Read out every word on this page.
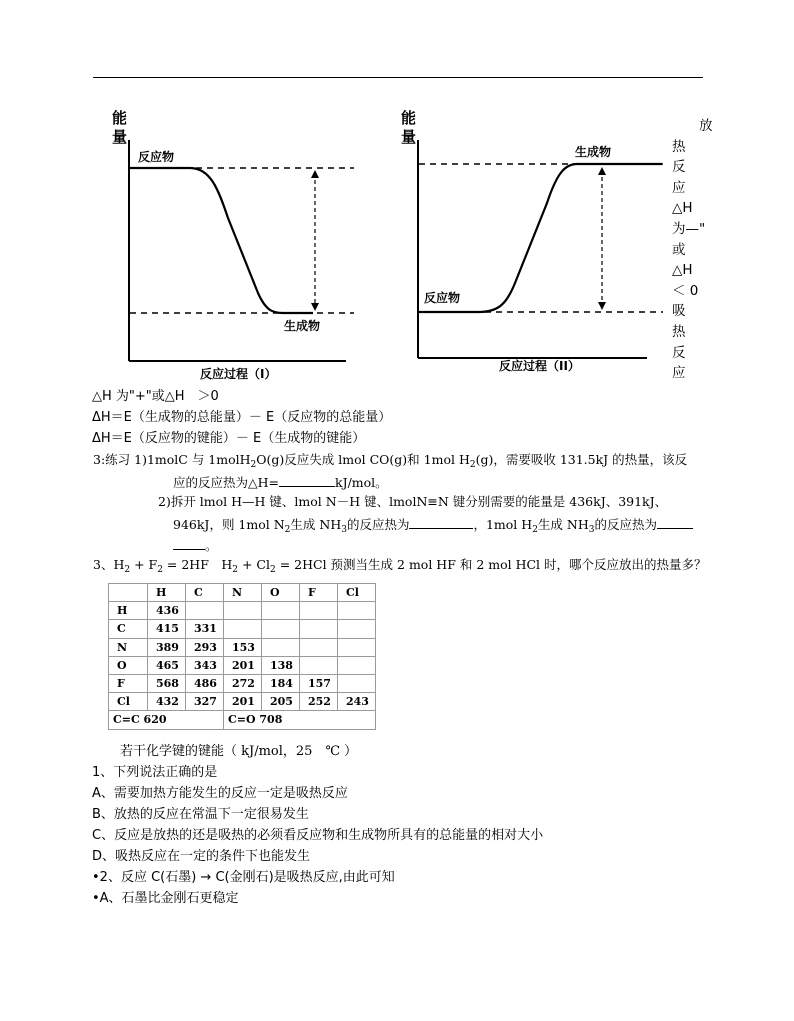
能
量
反应物
生成物
反应过程（I）
能
量
生成物
反应物
反应过程（II）
放
热
反
应
△H
为—"
或
△H
＜ 0
吸
热
反
应
△H 为"+"或△H　＞0
ΔH＝E（生成物的总能量）－ E（反应物的总能量）
ΔH＝E（反应物的键能）－ E（生成物的键能）
3:练习 1)1molC 与 1molH$_2$O(g)反应失成 lmol CO(g)和 1mol $H_2(g)$，需要吸收 131.5kJ 的热量，该反
应的反应热为△H=	kJ/mol。
2)拆开 lmol H—H 键、lmol N－H 键、lmolN≡N 键分别需要的能量是 436kJ、391kJ、
946kJ，则 1mol $N_2$生成 $NH_3$的反应热为	，1mol $H_2$生成 $NH_3$的反应热为
。
3、$H_2 + F_2 = 2HF$　$H_2 + Cl_2 = 2HCl$ 预测当生成 2 mol HF 和 2 mol HCl 时，哪个反应放出的热量多？
	H	C	N	O	F	Cl
H	436					
C	415	331				
N	389	293	153			
O	465	343	201	138		
F	568	486	272	184	157	
Cl	432	327	201	205	252	243
C=C 620			C=O 708			
若干化学键的键能（ kJ/mol，25　℃ ）
1、下列说法正确的是
A、需要加热方能发生的反应一定是吸热反应
B、放热的反应在常温下一定很易发生
C、反应是放热的还是吸热的必须看反应物和生成物所具有的总能量的相对大小
D、吸热反应在一定的条件下也能发生
•2、反应 C(石墨) → C(金刚石)是吸热反应,由此可知
•A、石墨比金刚石更稳定
